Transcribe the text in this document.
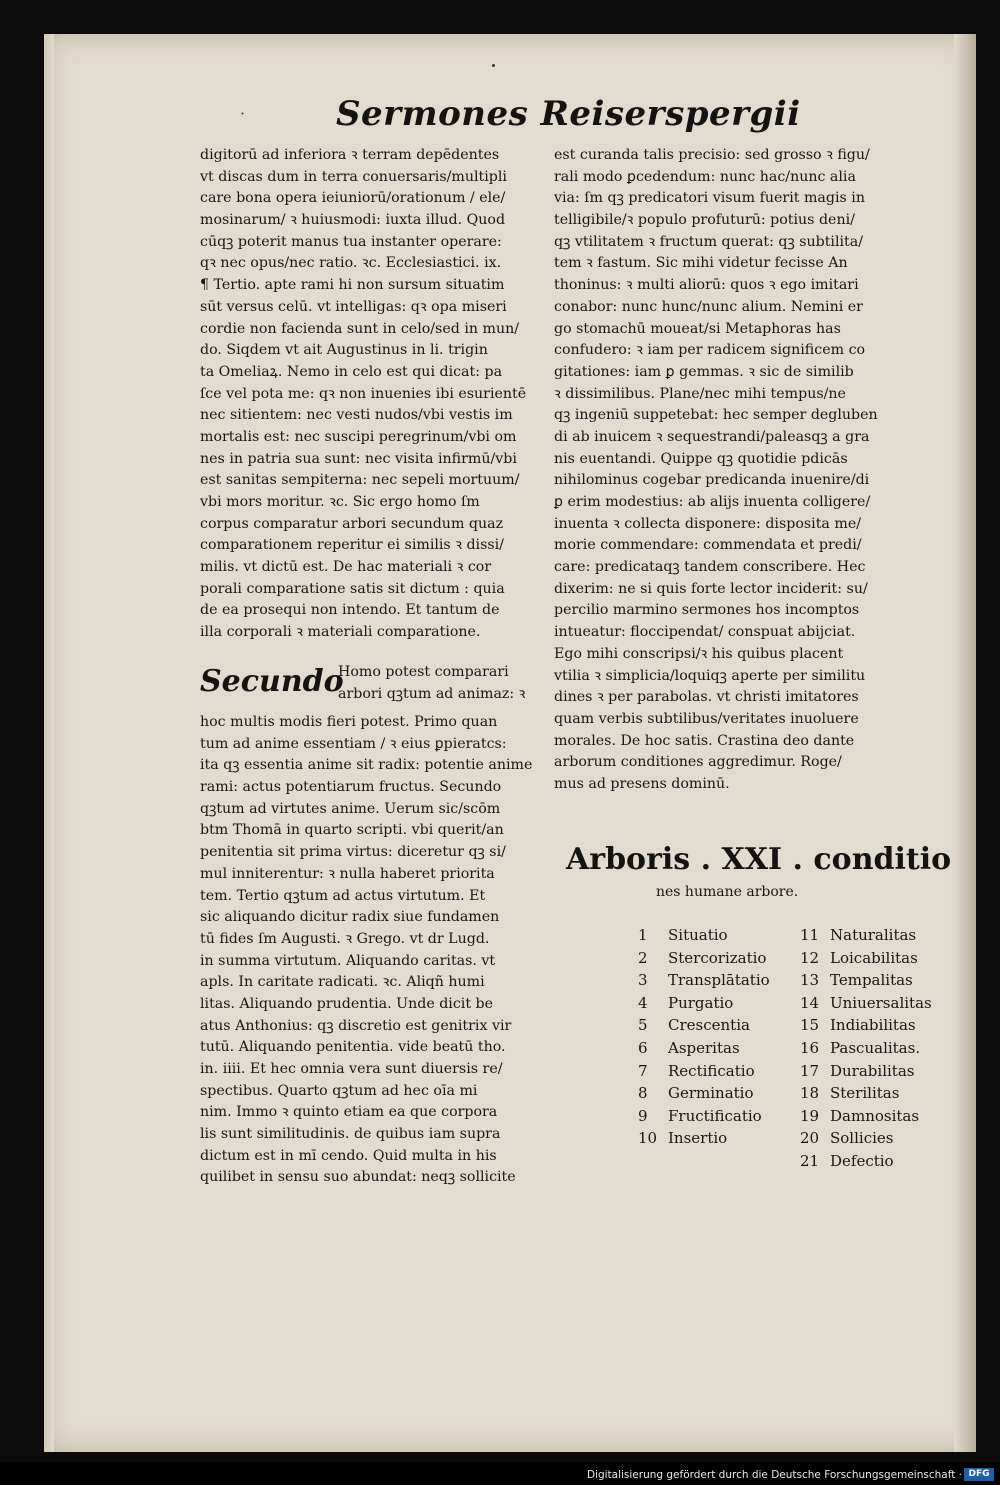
·	Sermones Reiserspergii
digitorū ad inferiora ꝛ terram depēdentes
vt discas dum in terra conuersaris/multipli
care bona opera ieiuniorū/orationum / ele/
mosinarum/ ꝛ huiusmodi: iuxta illud. Quod
cūqꝫ poterit manus tua instanter operare:
qꝛ nec opus/nec ratio. ꝛc. Ecclesiastici. ix.
¶ Tertio. apte rami hi non sursum situatim
sūt versus celū. vt intelligas: qꝛ opa miseri
cordie non facienda sunt in celo/sed in mun/
do. Siqdem vt ait Augustinus in li. trigin
ta Omeliaꝝ. Nemo in celo est qui dicat: pa
ſce vel pota me: qꝛ non inuenies ibi esurientē
nec sitientem: nec vesti nudos/vbi vestis im
mortalis est: nec suscipi peregrinum/vbi om
nes in patria sua sunt: nec visita infirmū/vbi
est sanitas sempiterna: nec sepeli mortuum/
vbi mors moritur. ꝛc. Sic ergo homo ſm
corpus comparatur arbori secundum quaz
comparationem reperitur ei similis ꝛ dissi/
milis. vt dictū est. De hac materiali ꝛ cor
porali comparatione satis sit dictum : quia
de ea prosequi non intendo. Et tantum de
illa corporali ꝛ materiali comparatione.
Secundo
Homo potest comparari
arbori qꝫtum ad animaz: ꝛ
hoc multis modis fieri potest. Primo quan
tum ad anime essentiam / ꝛ eius ꝑpieratcs:
ita qꝫ essentia anime sit radix: potentie anime
rami: actus potentiarum fructus. Secundo
qꝫtum ad virtutes anime. Uerum sic/scōm
btm Thomā in quarto scripti. vbi querit/an
penitentia sit prima virtus: diceretur qꝫ si/
mul inniterentur: ꝛ nulla haberet priorita
tem. Tertio qꝫtum ad actus virtutum. Et
sic aliquando dicitur radix siue fundamen
tū fides ſm Augusti. ꝛ Grego. vt dr Lugd.
in summa virtutum. Aliquando caritas. vt
apls. In caritate radicati. ꝛc. Aliqñ humi
litas. Aliquando prudentia. Unde dicit be
atus Anthonius: qꝫ discretio est genitrix vir
tutū. Aliquando penitentia. vide beatū tho.
in. iiii. Et hec omnia vera sunt diuersis re/
spectibus. Quarto qꝫtum ad hec oīa mi
nim. Immo ꝛ quinto etiam ea que corpora
lis sunt similitudinis. de quibus iam supra
dictum est in mī cendo. Quid multa in his
quilibet in sensu suo abundat: neqꝫ sollicite
est curanda talis precisio: sed grosso ꝛ figu/
rali modo ꝑcedendum: nunc hac/nunc alia
via: ſm qꝫ predicatori visum fuerit magis in
telligibile/ꝛ populo profuturū: potius deni/
qꝫ vtilitatem ꝛ fructum querat: qꝫ subtilita/
tem ꝛ fastum. Sic mihi videtur fecisse An
thoninus: ꝛ multi aliorū: quos ꝛ ego imitari
conabor: nunc hunc/nunc alium. Nemini er
go stomachū moueat/si Metaphoras has
confudero: ꝛ iam per radicem significem co
gitationes: iam ꝑ gemmas. ꝛ sic de similib
ꝛ dissimilibus. Plane/nec mihi tempus/ne
qꝫ ingeniū suppetebat: hec semper degluben
di ab inuicem ꝛ sequestrandi/paleasqꝫ a gra
nis euentandi. Quippe qꝫ quotidie pdicās
nihilominus cogebar predicanda inuenire/di
ꝑ erim modestius: ab alijs inuenta colligere/
inuenta ꝛ collecta disponere: disposita me/
morie commendare: commendata et predi/
care: predicataqꝫ tandem conscribere. Hec
dixerim: ne si quis forte lector inciderit: su/
percilio marmino sermones hos incomptos
intueatur: floccipendat/ conspuat abijciat.
Ego mihi conscripsi/ꝛ his quibus placent
vtilia ꝛ simplicia/loquiqꝫ aperte per similitu
dines ꝛ per parabolas. vt christi imitatores
quam verbis subtilibus/veritates inuoluere
morales. De hoc satis. Crastina deo dante
arborum conditiones aggredimur. Roge/
mus ad presens dominū.
Arboris . XXI . conditio
nes humane arbore.
1	Situatio
2	Stercorizatio
3	Transplātatio
4	Purgatio
5	Crescentia
6	Asperitas
7	Rectificatio
8	Germinatio
9	Fructificatio
10 Insertio
11 Naturalitas
12 Loicabilitas
13 Tempalitas
14 Uniuersalitas
15 Indiabilitas
16 Pascualitas.
17 Durabilitas
18 Sterilitas
19 Damnositas
20 Sollicies
21 Defectio
Digitalisierung gefördert durch die Deutsche Forschungsgemeinschaft · DFG
